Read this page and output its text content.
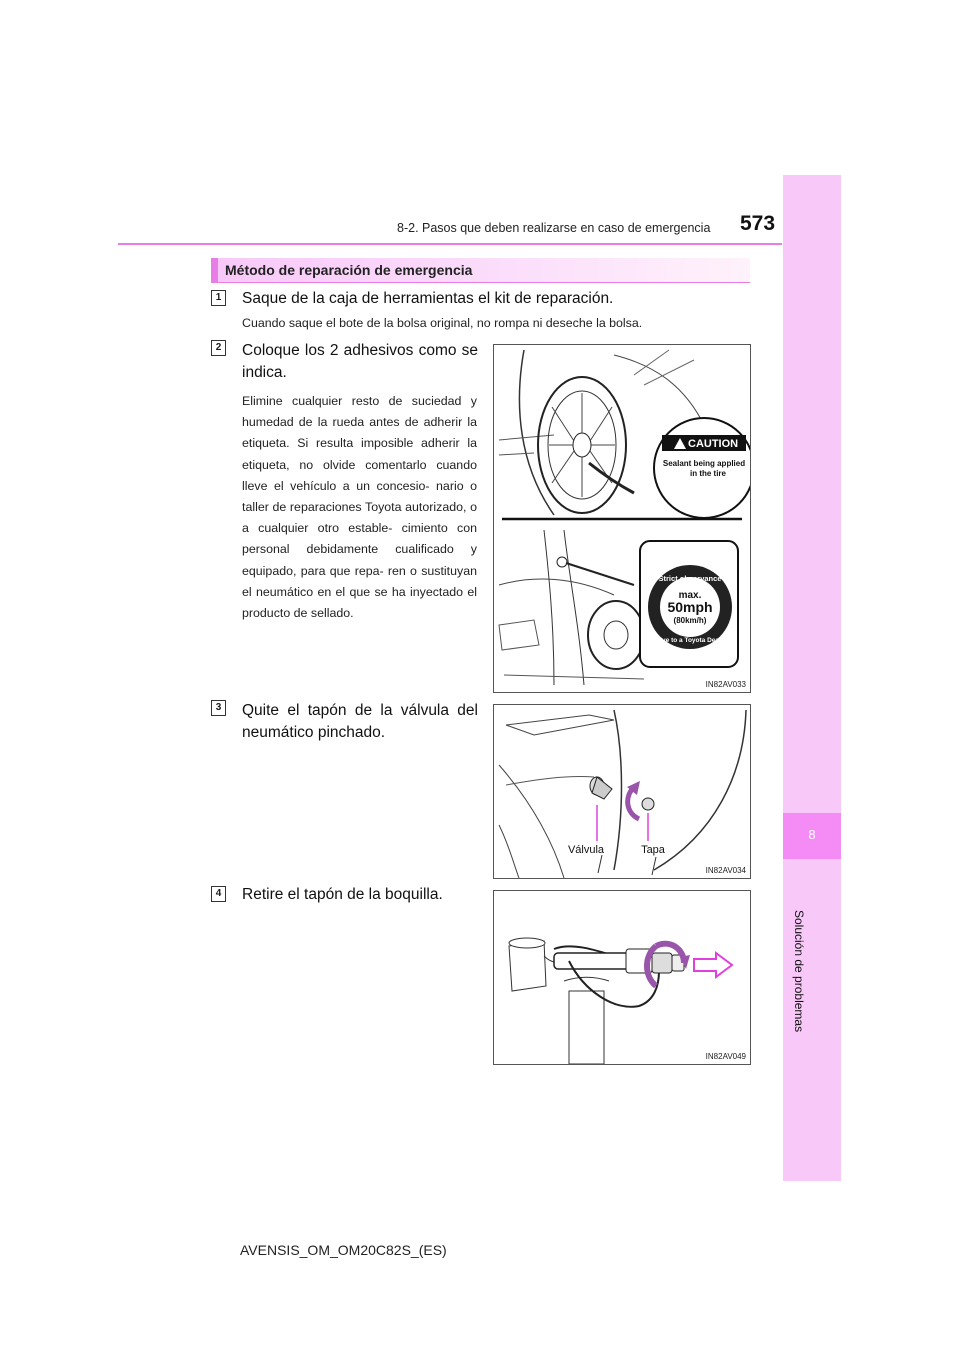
8-2. Pasos que deben realizarse en caso de emergencia 573
8
Solución de problemas
Método de reparación de emergencia
1	Saque de la caja de herramientas el kit de reparación.
Cuando saque el bote de la bolsa original, no rompa ni deseche la bolsa.
2	Coloque los 2 adhesivos como se indica.
Elimine cualquier resto de suciedad y humedad de la rueda antes de adherir la etiqueta. Si resulta imposible adherir la etiqueta, no olvide comentarlo cuando lleve el vehículo a un concesio- nario o taller de reparaciones Toyota autorizado, o a cualquier otro estable- cimiento con personal debidamente cualificado y equipado, para que repa- ren o sustituyan el neumático en el que se ha inyectado el producto de sellado.
CAUTION
Sealant being applied
in the tire
Strict observance
max.
50mph
(80km/h)
Drive to a Toyota Dealer
IN82AV033
3	Quite el tapón de la válvula del neumático pinchado.
Válvula	Tapa
IN82AV034
4	Retire el tapón de la boquilla.
IN82AV049
AVENSIS_OM_OM20C82S_(ES)
